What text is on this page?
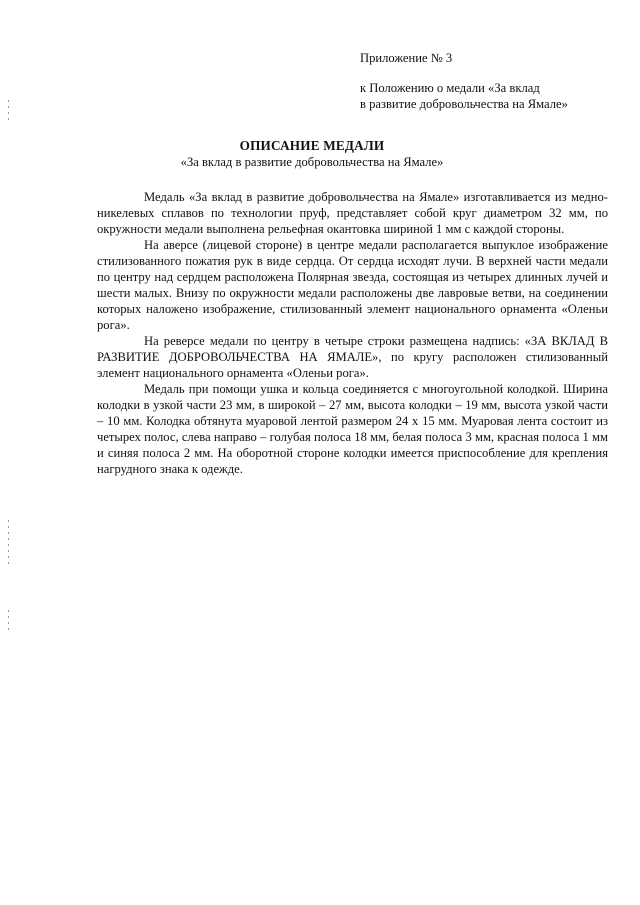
Приложение № 3
к Положению о медали «За вклад
в развитие добровольчества на Ямале»
ОПИСАНИЕ МЕДАЛИ
«За вклад в развитие добровольчества на Ямале»

Медаль «За вклад в развитие добровольчества на Ямале» изготавливается из медно-никелевых сплавов по технологии пруф, представляет собой круг диаметром 32 мм, по окружности медали выполнена рельефная окантовка шириной 1 мм с каждой стороны.

На аверсе (лицевой стороне) в центре медали располагается выпуклое изображение стилизованного пожатия рук в виде сердца. От сердца исходят лучи. В верхней части медали по центру над сердцем расположена Полярная звезда, состоящая из четырех длинных лучей и шести малых. Внизу по окружности медали расположены две лавровые ветви, на соединении которых наложено изображение, стилизованный элемент национального орнамента «Оленьи рога».

На реверсе медали по центру в четыре строки размещена надпись: «ЗА ВКЛАД В РАЗВИТИЕ ДОБРОВОЛЬЧЕСТВА НА ЯМАЛЕ», по кругу расположен стилизованный элемент национального орнамента «Оленьи рога».

Медаль при помощи ушка и кольца соединяется с многоугольной колодкой. Ширина колодки в узкой части 23 мм, в широкой – 27 мм, высота колодки – 19 мм, высота узкой части – 10 мм. Колодка обтянута муаровой лентой размером 24 х 15 мм. Муаровая лента состоит из четырех полос, слева направо – голубая полоса 18 мм, белая полоса 3 мм, красная полоса 1 мм и синяя полоса 2 мм. На оборотной стороне колодки имеется приспособление для крепления нагрудного знака к одежде.
